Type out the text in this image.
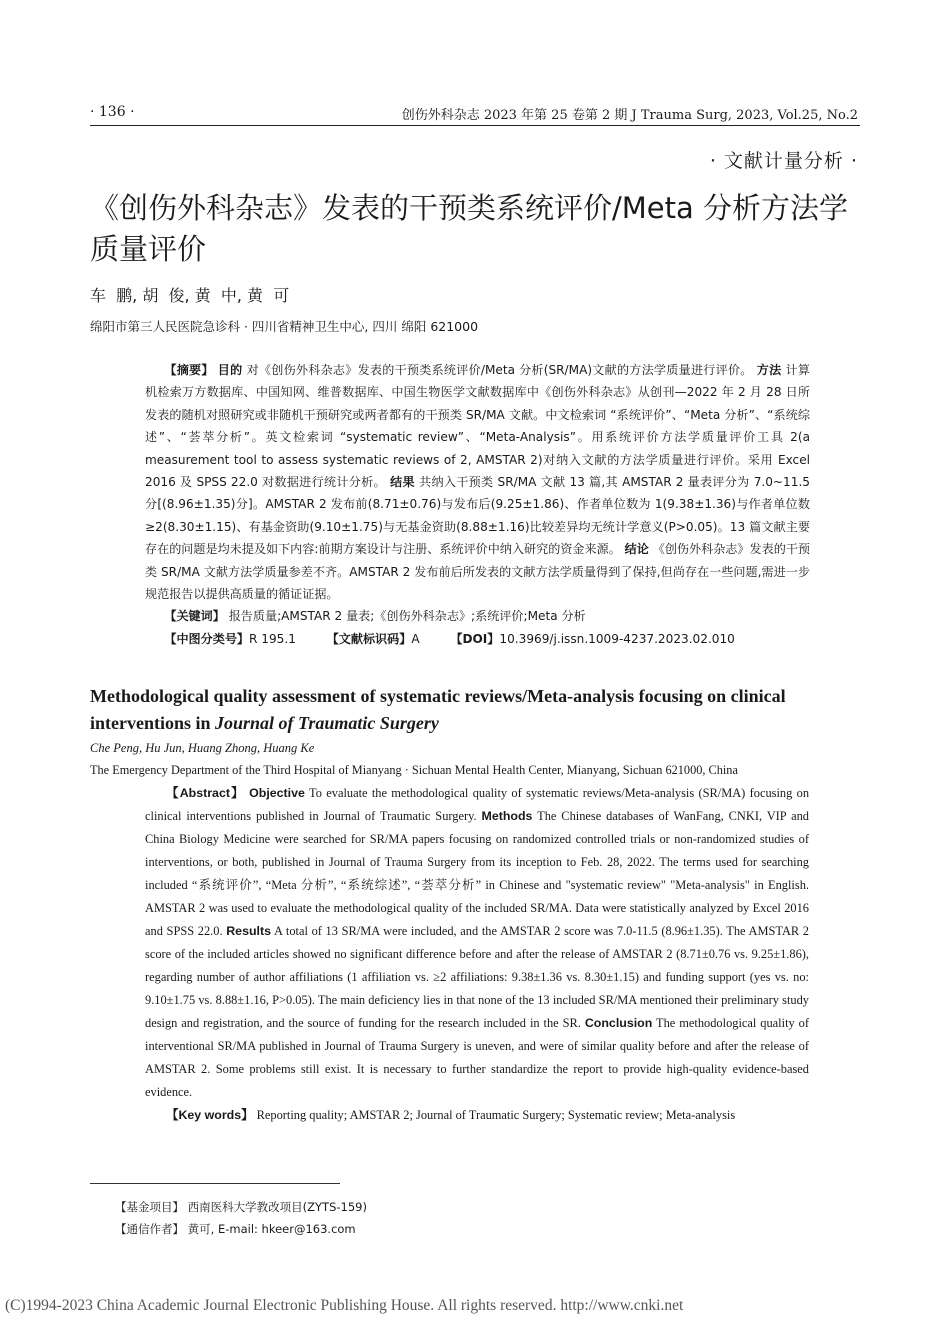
· 136 ·	创伤外科杂志 2023 年第 25 卷第 2 期 J Trauma Surg, 2023, Vol.25, No.2
· 文献计量分析 ·
《创伤外科杂志》发表的干预类系统评价/Meta 分析方法学质量评价
车  鹏, 胡  俊, 黄  中, 黄  可
绵阳市第三人民医院急诊科 · 四川省精神卫生中心, 四川 绵阳 621000

【摘要】 目的 对《创伤外科杂志》发表的干预类系统评价/Meta 分析(SR/MA)文献的方法学质量进行评价。 方法 计算机检索万方数据库、中国知网、维普数据库、中国生物医学文献数据库中《创伤外科杂志》从创刊—2022 年 2 月 28 日所发表的随机对照研究或非随机干预研究或两者都有的干预类 SR/MA 文献。中文检索词 “系统评价”、“Meta 分析”、“系统综述”、“荟萃分析”。英文检索词 “systematic review”、“Meta-Analysis”。用系统评价方法学质量评价工具 2(a measurement tool to assess systematic reviews of 2, AMSTAR 2)对纳入文献的方法学质量进行评价。采用 Excel 2016 及 SPSS 22.0 对数据进行统计分析。 结果 共纳入干预类 SR/MA 文献 13 篇,其 AMSTAR 2 量表评分为 7.0~11.5 分[(8.96±1.35)分]。AMSTAR 2 发布前(8.71±0.76)与发布后(9.25±1.86)、作者单位数为 1(9.38±1.36)与作者单位数≥2(8.30±1.15)、有基金资助(9.10±1.75)与无基金资助(8.88±1.16)比较差异均无统计学意义(P>0.05)。13 篇文献主要存在的问题是均未提及如下内容:前期方案设计与注册、系统评价中纳入研究的资金来源。 结论 《创伤外科杂志》发表的干预类 SR/MA 文献方法学质量参差不齐。AMSTAR 2 发布前后所发表的文献方法学质量得到了保持,但尚存在一些问题,需进一步规范报告以提供高质量的循证证据。

【关键词】 报告质量;AMSTAR 2 量表;《创伤外科杂志》;系统评价;Meta 分析
【中图分类号】R 195.1	【文献标识码】A	【DOI】10.3969/j.issn.1009-4237.2023.02.010
Methodological quality assessment of systematic reviews/Meta-analysis focusing on clinical interventions in Journal of Traumatic Surgery
Che Peng, Hu Jun, Huang Zhong, Huang Ke
The Emergency Department of the Third Hospital of Mianyang · Sichuan Mental Health Center, Mianyang, Sichuan 621000, China

【Abstract】 Objective To evaluate the methodological quality of systematic reviews/Meta-analysis (SR/MA) focusing on clinical interventions published in Journal of Traumatic Surgery. Methods The Chinese databases of WanFang, CNKI, VIP and China Biology Medicine were searched for SR/MA papers focusing on randomized controlled trials or non-randomized studies of interventions, or both, published in Journal of Trauma Surgery from its inception to Feb. 28, 2022. The terms used for searching included “系统评价”, “Meta 分析”, “系统综述”, “荟萃分析” in Chinese and "systematic review" "Meta-analysis" in English. AMSTAR 2 was used to evaluate the methodological quality of the included SR/MA. Data were statistically analyzed by Excel 2016 and SPSS 22.0. Results A total of 13 SR/MA were included, and the AMSTAR 2 score was 7.0-11.5 (8.96±1.35). The AMSTAR 2 score of the included articles showed no significant difference before and after the release of AMSTAR 2 (8.71±0.76 vs. 9.25±1.86), regarding number of author affiliations (1 affiliation vs. ≥2 affiliations: 9.38±1.36 vs. 8.30±1.15) and funding support (yes vs. no: 9.10±1.75 vs. 8.88±1.16, P>0.05). The main deficiency lies in that none of the 13 included SR/MA mentioned their preliminary study design and registration, and the source of funding for the research included in the SR. Conclusion The methodological quality of interventional SR/MA published in Journal of Trauma Surgery is uneven, and were of similar quality before and after the release of AMSTAR 2. Some problems still exist. It is necessary to further standardize the report to provide high-quality evidence-based evidence.

【Key words】 Reporting quality; AMSTAR 2; Journal of Traumatic Surgery; Systematic review; Meta-analysis

【基金项目】 西南医科大学教改项目(ZYTS-159)
【通信作者】 黄可, E-mail: hkeer@163.com
(C)1994-2023 China Academic Journal Electronic Publishing House. All rights reserved. http://www.cnki.net
